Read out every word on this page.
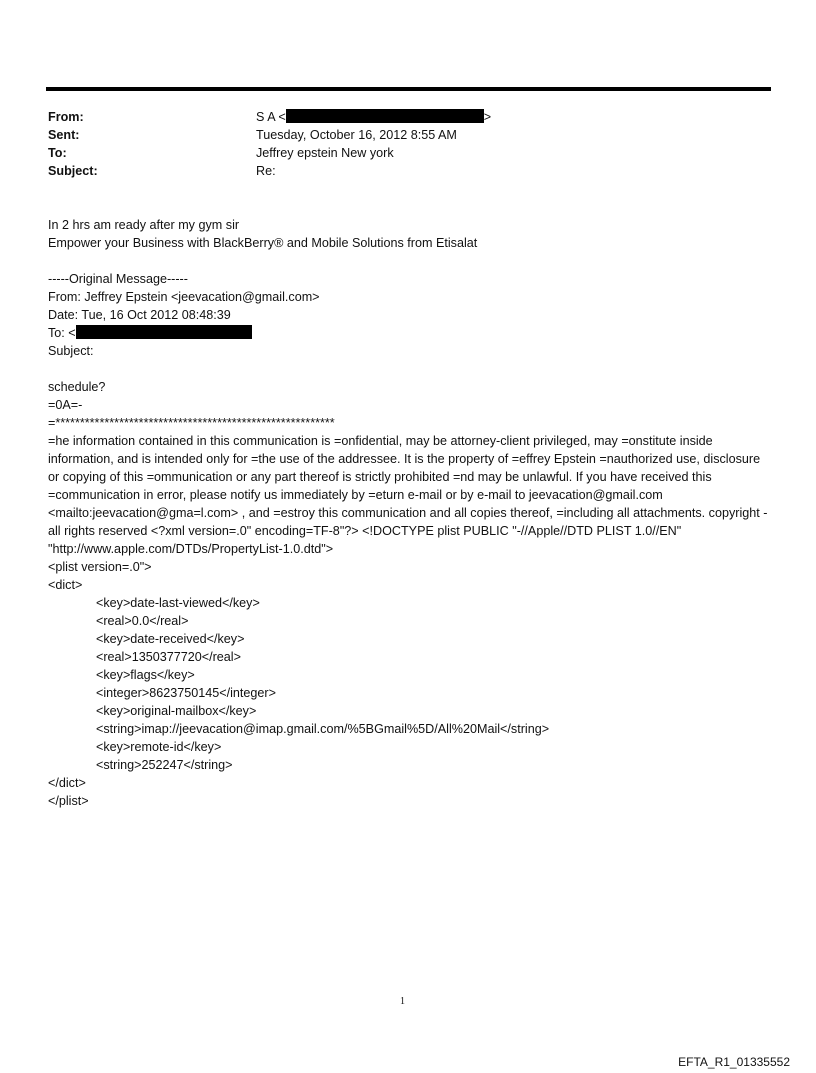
From:	S A <	>
Sent:	Tuesday, October 16, 2012 8:55 AM
To:	Jeffrey epstein New york
Subject:	Re:
In 2 hrs am ready after my gym sir
Empower your Business with BlackBerry® and Mobile Solutions from Etisalat
-----Original Message-----
From: Jeffrey Epstein <jeevacation@gmail.com>
Date: Tue, 16 Oct 2012 08:48:39
To: <
Subject:
schedule?
=0A=-
=*********************************************************
=he information contained in this communication is =onfidential, may be attorney-client privileged, may =onstitute inside information, and is intended only for =the use of the addressee. It is the property of =effrey Epstein =nauthorized use, disclosure or copying of this =ommunication or any part thereof is strictly prohibited =nd may be unlawful. If you have received this =communication in error, please notify us immediately by =eturn e-mail or by e-mail to jeevacation@gmail.com <mailto:jeevacation@gma=l.com> , and =estroy this communication and all copies thereof, =including all attachments. copyright -all rights reserved <?xml version=.0" encoding=TF-8"?> <!DOCTYPE plist PUBLIC "-//Apple//DTD PLIST 1.0//EN" "http://www.apple.com/DTDs/PropertyList-1.0.dtd">
<plist version=.0">
<dict>
<key>date-last-viewed</key>
<real>0.0</real>
<key>date-received</key>
<real>1350377720</real>
<key>flags</key>
<integer>8623750145</integer>
<key>original-mailbox</key>
<string>imap://jeevacation@imap.gmail.com/%5BGmail%5D/All%20Mail</string>
<key>remote-id</key>
<string>252247</string>
</dict>
</plist>
1
EFTA_R1_01335552
